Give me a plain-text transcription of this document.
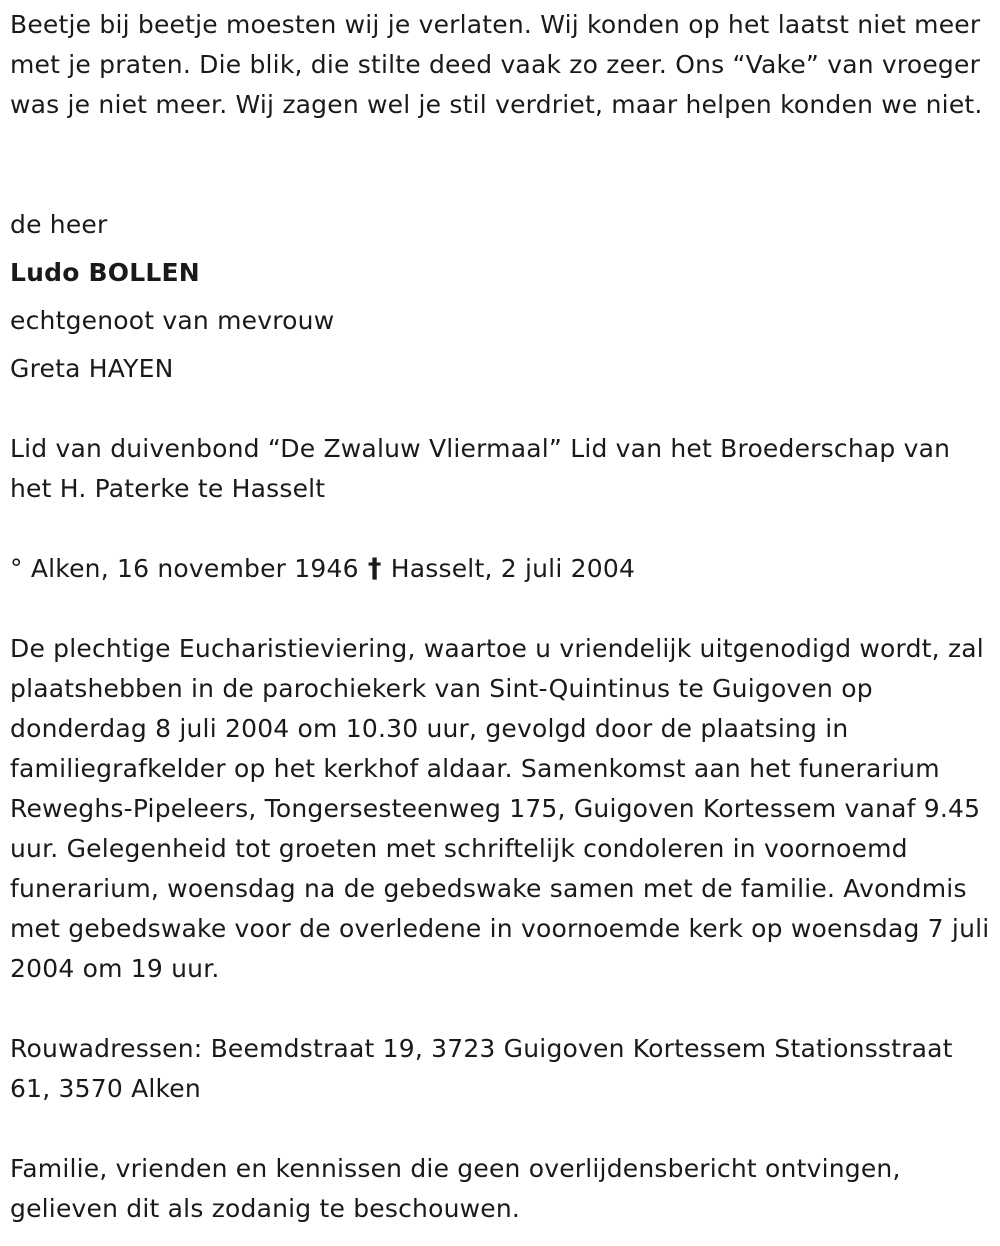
Beetje bij beetje moesten wij je verlaten. Wij konden op het laatst niet meer met je praten. Die blik, die stilte deed vaak zo zeer. Ons “Vake” van vroeger was je niet meer. Wij zagen wel je stil verdriet, maar helpen konden we niet.

de heer

Ludo BOLLEN

echtgenoot van mevrouw

Greta HAYEN

Lid van duivenbond “De Zwaluw Vliermaal” Lid van het Broederschap van het H. Paterke te Hasselt

° Alken, 16 november 1946 † Hasselt, 2 juli 2004

De plechtige Eucharistieviering, waartoe u vriendelijk uitgenodigd wordt, zal plaatshebben in de parochiekerk van Sint-Quintinus te Guigoven op donderdag 8 juli 2004 om 10.30 uur, gevolgd door de plaatsing in familiegrafkelder op het kerkhof aldaar. Samenkomst aan het funerarium Reweghs-Pipeleers, Tongersesteenweg 175, Guigoven Kortessem vanaf 9.45 uur. Gelegenheid tot groeten met schriftelijk condoleren in voornoemd funerarium, woensdag na de gebedswake samen met de familie. Avondmis met gebedswake voor de overledene in voornoemde kerk op woensdag 7 juli 2004 om 19 uur.

Rouwadressen: Beemdstraat 19, 3723 Guigoven Kortessem Stationsstraat 61, 3570 Alken

Familie, vrienden en kennissen die geen overlijdensbericht ontvingen, gelieven dit als zodanig te beschouwen.
